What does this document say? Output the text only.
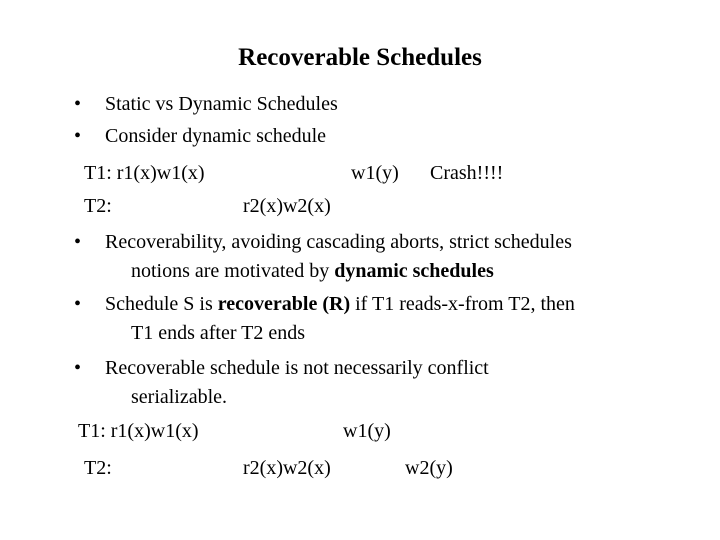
Recoverable Schedules
• Static vs Dynamic Schedules
• Consider dynamic schedule
T1: r1(x)w1(x)	w1(y) Crash!!!!
T2:	r2(x)w2(x)
• Recoverability, avoiding cascading aborts, strict schedules
notions are motivated by dynamic schedules
• Schedule S is recoverable (R) if T1 reads-x-from T2, then
T1 ends after T2 ends
• Recoverable schedule is not necessarily conflict
serializable.
T1: r1(x)w1(x)	w1(y)
T2:	r2(x)w2(x)	w2(y)
